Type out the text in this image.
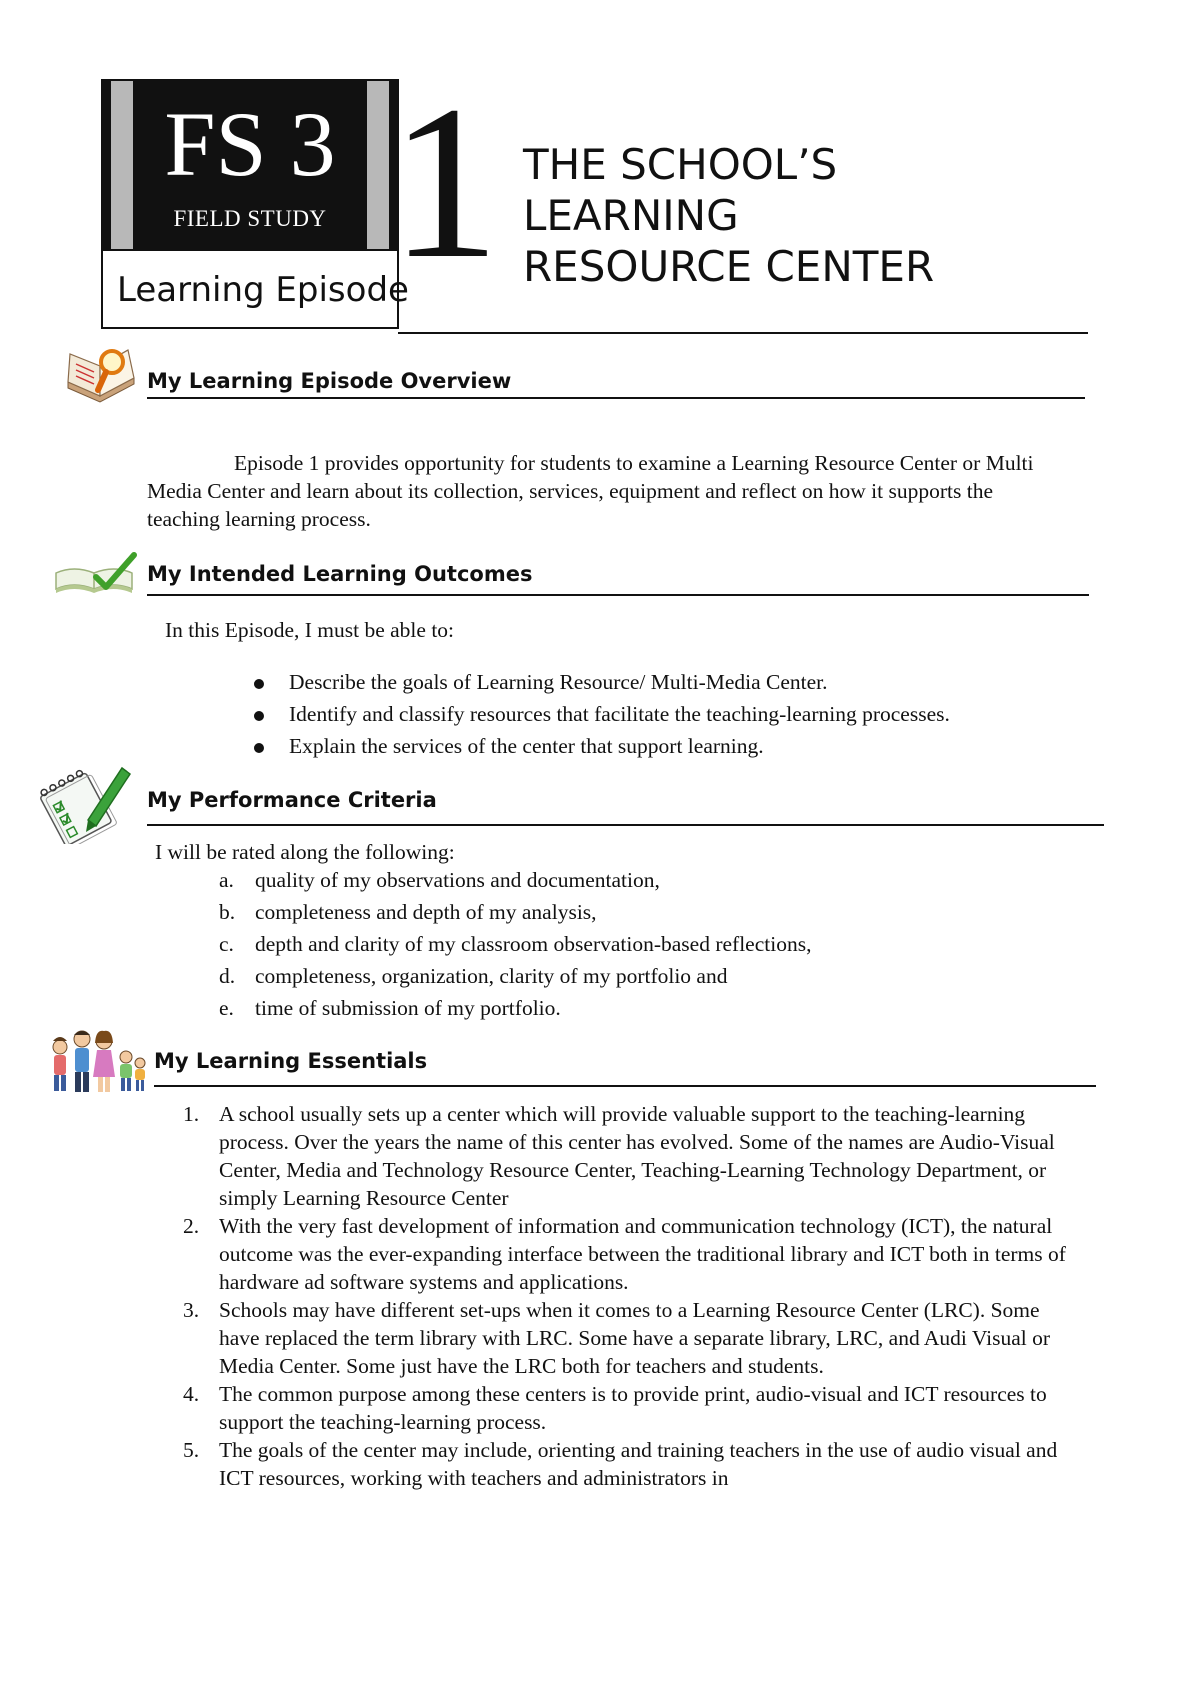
FS 3
FIELD STUDY 1
Learning Episode
THE SCHOOL’S
LEARNING
RESOURCE CENTER
My Learning Episode Overview
Episode 1 provides opportunity for students to examine a Learning Resource Center or Multi Media Center and learn about its collection, services, equipment and reflect on how it supports the teaching learning process.
My Intended Learning Outcomes
In this Episode, I must be able to:
Describe the goals of Learning Resource/ Multi-Media Center.
Identify and classify resources that facilitate the teaching-learning processes.
Explain the services of the center that support learning.
My Performance Criteria
I will be rated along the following:
a. quality of my observations and documentation,
b. completeness and depth of my analysis,
c. depth and clarity of my classroom observation-based reflections,
d. completeness, organization, clarity of my portfolio and
e. time of submission of my portfolio.
My Learning Essentials
1. A school usually sets up a center which will provide valuable support to the teaching-learning process. Over the years the name of this center has evolved. Some of the names are Audio-Visual Center, Media and Technology Resource Center, Teaching-Learning Technology Department, or simply Learning Resource Center
2. With the very fast development of information and communication technology (ICT), the natural outcome was the ever-expanding interface between the traditional library and ICT both in terms of hardware ad software systems and applications.
3. Schools may have different set-ups when it comes to a Learning Resource Center (LRC). Some have replaced the term library with LRC. Some have a separate library, LRC, and Audi Visual or Media Center. Some just have the LRC both for teachers and students.
4. The common purpose among these centers is to provide print, audio-visual and ICT resources to support the teaching-learning process.
5. The goals of the center may include, orienting and training teachers in the use of audio visual and ICT resources, working with teachers and administrators in
